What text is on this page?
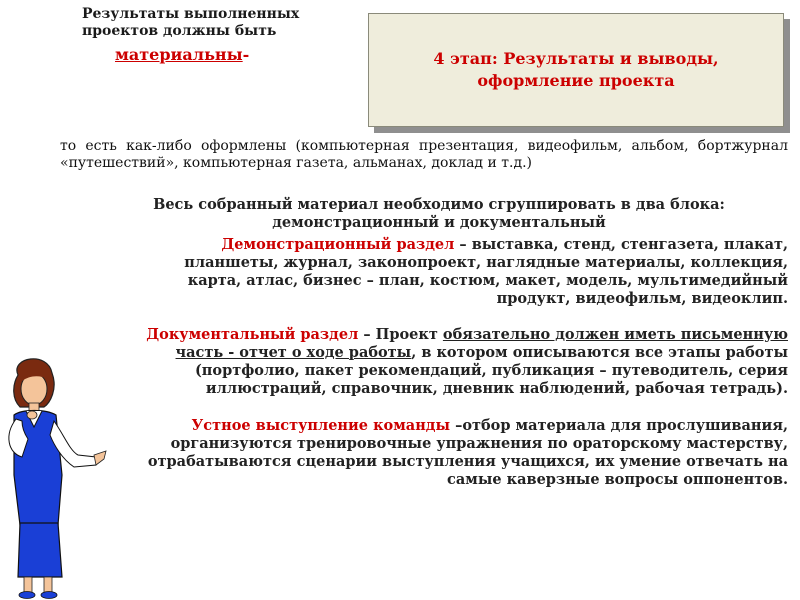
Результаты выполненных
проектов должны быть
материальны-	4 этап: Результаты и выводы,
оформление проекта
то есть как-либо оформлены (компьютерная презентация, видеофильм, альбом, бортжурнал «путешествий», компьютерная газета, альманах, доклад и т.д.)
Весь собранный материал необходимо сгруппировать в два блока:
демонстрационный и документальный
Демонстрационный раздел – выставка, стенд, стенгазета, плакат,
планшеты, журнал, законопроект, наглядные материалы, коллекция,
карта, атлас, бизнес – план, костюм, макет, модель, мультимедийный
продукт, видеофильм, видеоклип.
Документальный раздел – Проект обязательно должен иметь письменную
часть - отчет о ходе работы, в котором описываются все этапы работы
(портфолио, пакет рекомендаций, публикация – путеводитель, серия
иллюстраций, справочник, дневник наблюдений, рабочая тетрадь).
Устное выступление команды –отбор материала для прослушивания,
организуются тренировочные упражнения по ораторскому мастерству,
отрабатываются сценарии выступления учащихся, их умение отвечать на
самые каверзные вопросы оппонентов.
